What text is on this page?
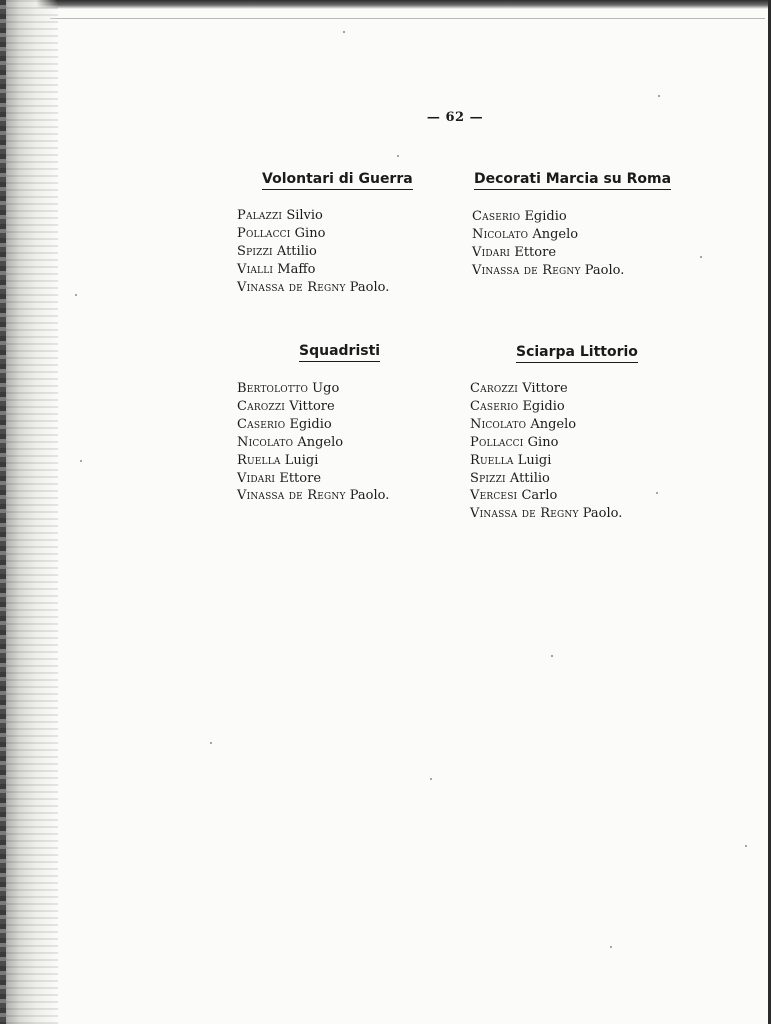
— 62 —
Volontari di Guerra
Palazzi Silvio
Pollacci Gino
Spizzi Attilio
Vialli Maffo
Vinassa de Regny Paolo.
Decorati Marcia su Roma
Caserio Egidio
Nicolato Angelo
Vidari Ettore
Vinassa de Regny Paolo.
Squadristi
Bertolotto Ugo
Carozzi Vittore
Caserio Egidio
Nicolato Angelo
Ruella Luigi
Vidari Ettore
Vinassa de Regny Paolo.
Sciarpa Littorio
Carozzi Vittore
Caserio Egidio
Nicolato Angelo
Pollacci Gino
Ruella Luigi
Spizzi Attilio
Vercesi Carlo
Vinassa de Regny Paolo.
